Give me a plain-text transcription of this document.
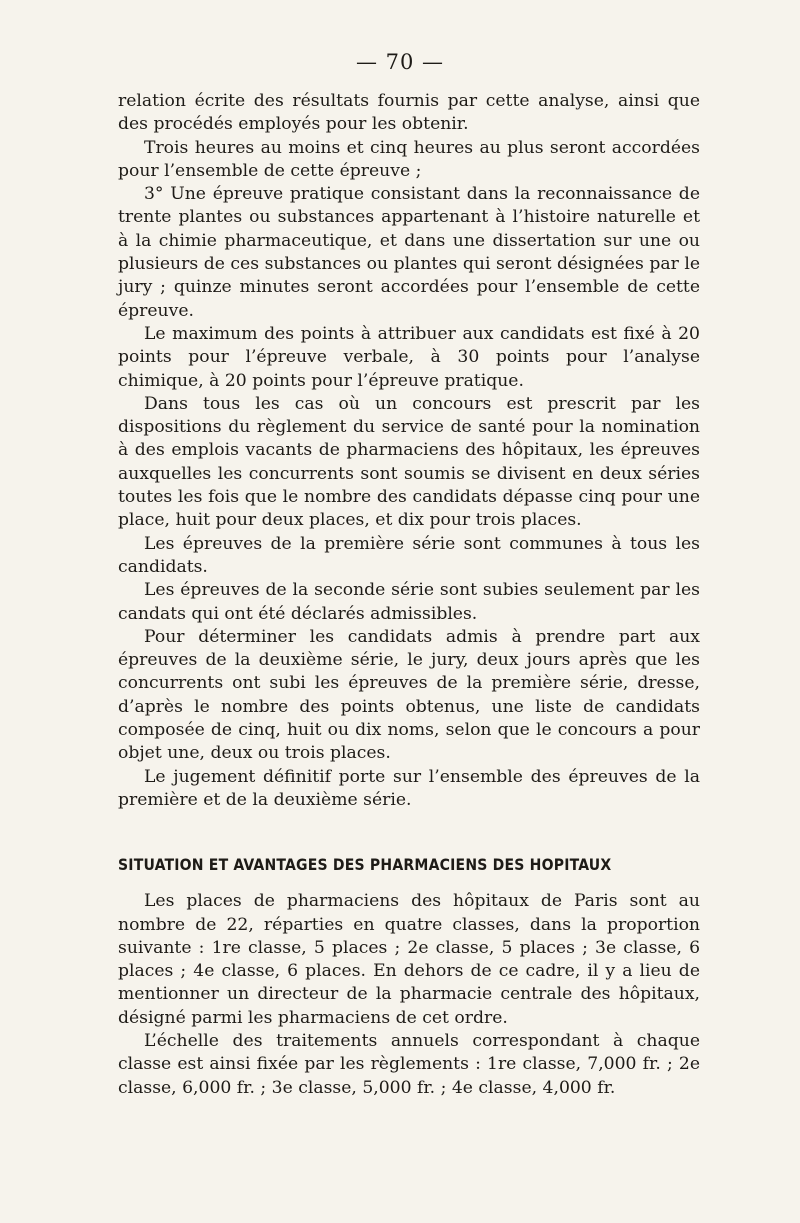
— 70 —

relation écrite des résultats fournis par cette analyse, ainsi que des procédés employés pour les obtenir.

Trois heures au moins et cinq heures au plus seront accordées pour l’ensemble de cette épreuve ;

3° Une épreuve pratique consistant dans la reconnaissance de trente plantes ou substances appartenant à l’histoire naturelle et à la chimie pharmaceutique, et dans une dissertation sur une ou plusieurs de ces substances ou plantes qui seront désignées par le jury ; quinze minutes seront accordées pour l’ensemble de cette épreuve.

Le maximum des points à attribuer aux candidats est fixé à 20 points pour l’épreuve verbale, à 30 points pour l’analyse chimique, à 20 points pour l’épreuve pratique.

Dans tous les cas où un concours est prescrit par les dispositions du règlement du service de santé pour la nomination à des emplois vacants de pharmaciens des hôpitaux, les épreuves auxquelles les concurrents sont soumis se divisent en deux séries toutes les fois que le nombre des candidats dépasse cinq pour une place, huit pour deux places, et dix pour trois places.

Les épreuves de la première série sont communes à tous les candidats.

Les épreuves de la seconde série sont subies seulement par les candats qui ont été déclarés admissibles.

Pour déterminer les candidats admis à prendre part aux épreuves de la deuxième série, le jury, deux jours après que les concurrents ont subi les épreuves de la première série, dresse, d’après le nombre des points obtenus, une liste de candidats composée de cinq, huit ou dix noms, selon que le concours a pour objet une, deux ou trois places.

Le jugement définitif porte sur l’ensemble des épreuves de la première et de la deuxième série.

SITUATION ET AVANTAGES DES PHARMACIENS DES HOPITAUX

Les places de pharmaciens des hôpitaux de Paris sont au nombre de 22, réparties en quatre classes, dans la proportion suivante : 1re classe, 5 places ; 2e classe, 5 places ; 3e classe, 6 places ; 4e classe, 6 places. En dehors de ce cadre, il y a lieu de mentionner un directeur de la pharmacie centrale des hôpitaux, désigné parmi les pharmaciens de cet ordre.

L’échelle des traitements annuels correspondant à chaque classe est ainsi fixée par les règlements : 1re classe, 7,000 fr. ; 2e classe, 6,000 fr. ; 3e classe, 5,000 fr. ; 4e classe, 4,000 fr.
